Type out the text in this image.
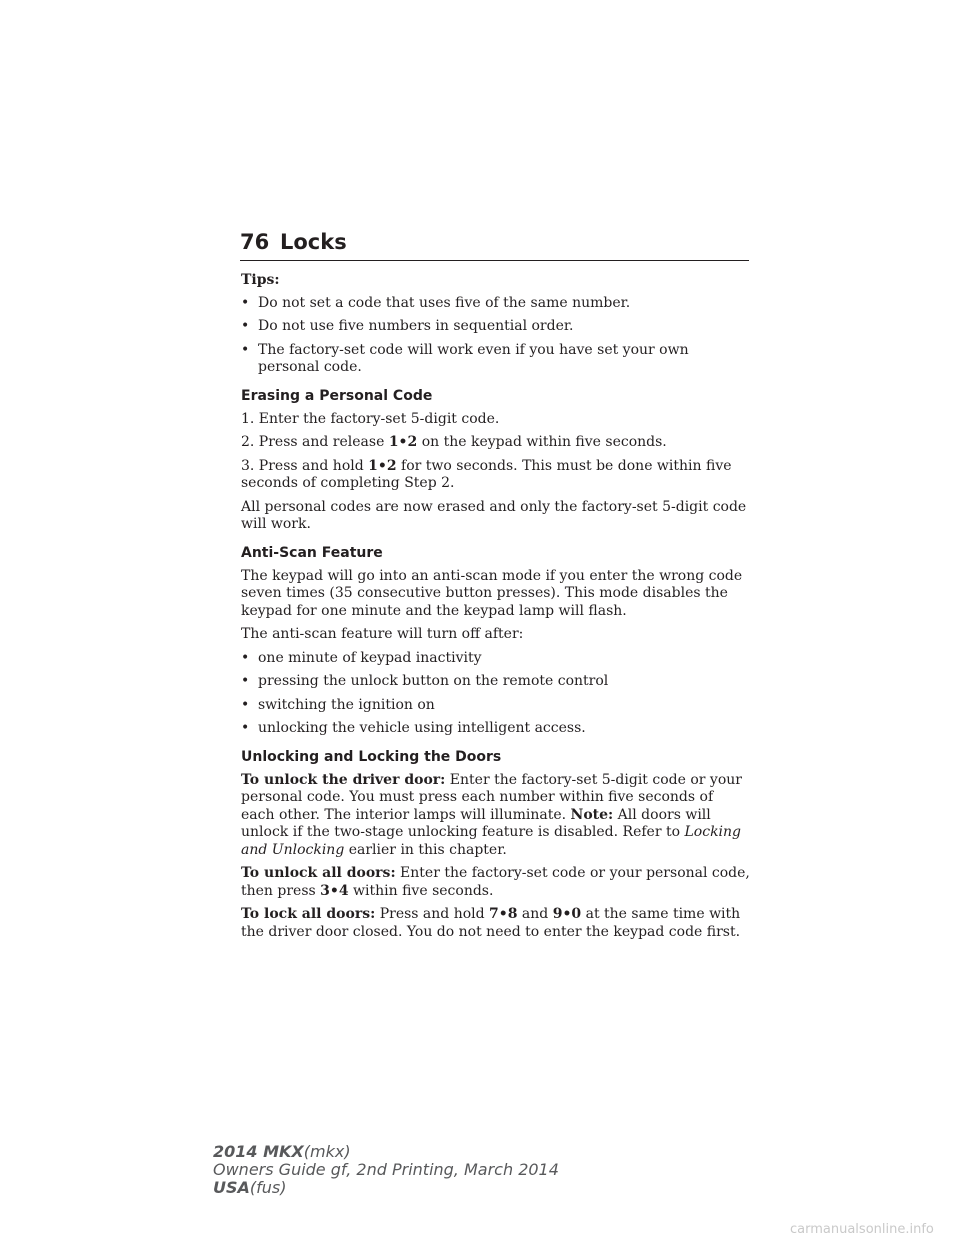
76 Locks

Tips:

• Do not set a code that uses five of the same number.
• Do not use five numbers in sequential order.
• The factory-set code will work even if you have set your own personal code.
Erasing a Personal Code

1. Enter the factory-set 5-digit code.

2. Press and release 1•2 on the keypad within five seconds.

3. Press and hold 1•2 for two seconds. This must be done within five seconds of completing Step 2.

All personal codes are now erased and only the factory-set 5-digit code will work.

Anti-Scan Feature

The keypad will go into an anti-scan mode if you enter the wrong code seven times (35 consecutive button presses). This mode disables the keypad for one minute and the keypad lamp will flash.

The anti-scan feature will turn off after:

• one minute of keypad inactivity
• pressing the unlock button on the remote control
• switching the ignition on
• unlocking the vehicle using intelligent access.
Unlocking and Locking the Doors

To unlock the driver door: Enter the factory-set 5-digit code or your personal code. You must press each number within five seconds of each other. The interior lamps will illuminate. Note: All doors will unlock if the two-stage unlocking feature is disabled. Refer to Locking and Unlocking earlier in this chapter.

To unlock all doors: Enter the factory-set code or your personal code, then press 3•4 within five seconds.

To lock all doors: Press and hold 7•8 and 9•0 at the same time with the driver door closed. You do not need to enter the keypad code first.

2014 MKX(mkx)
Owners Guide gf, 2nd Printing, March 2014
USA(fus)
carmanualsonline.info
